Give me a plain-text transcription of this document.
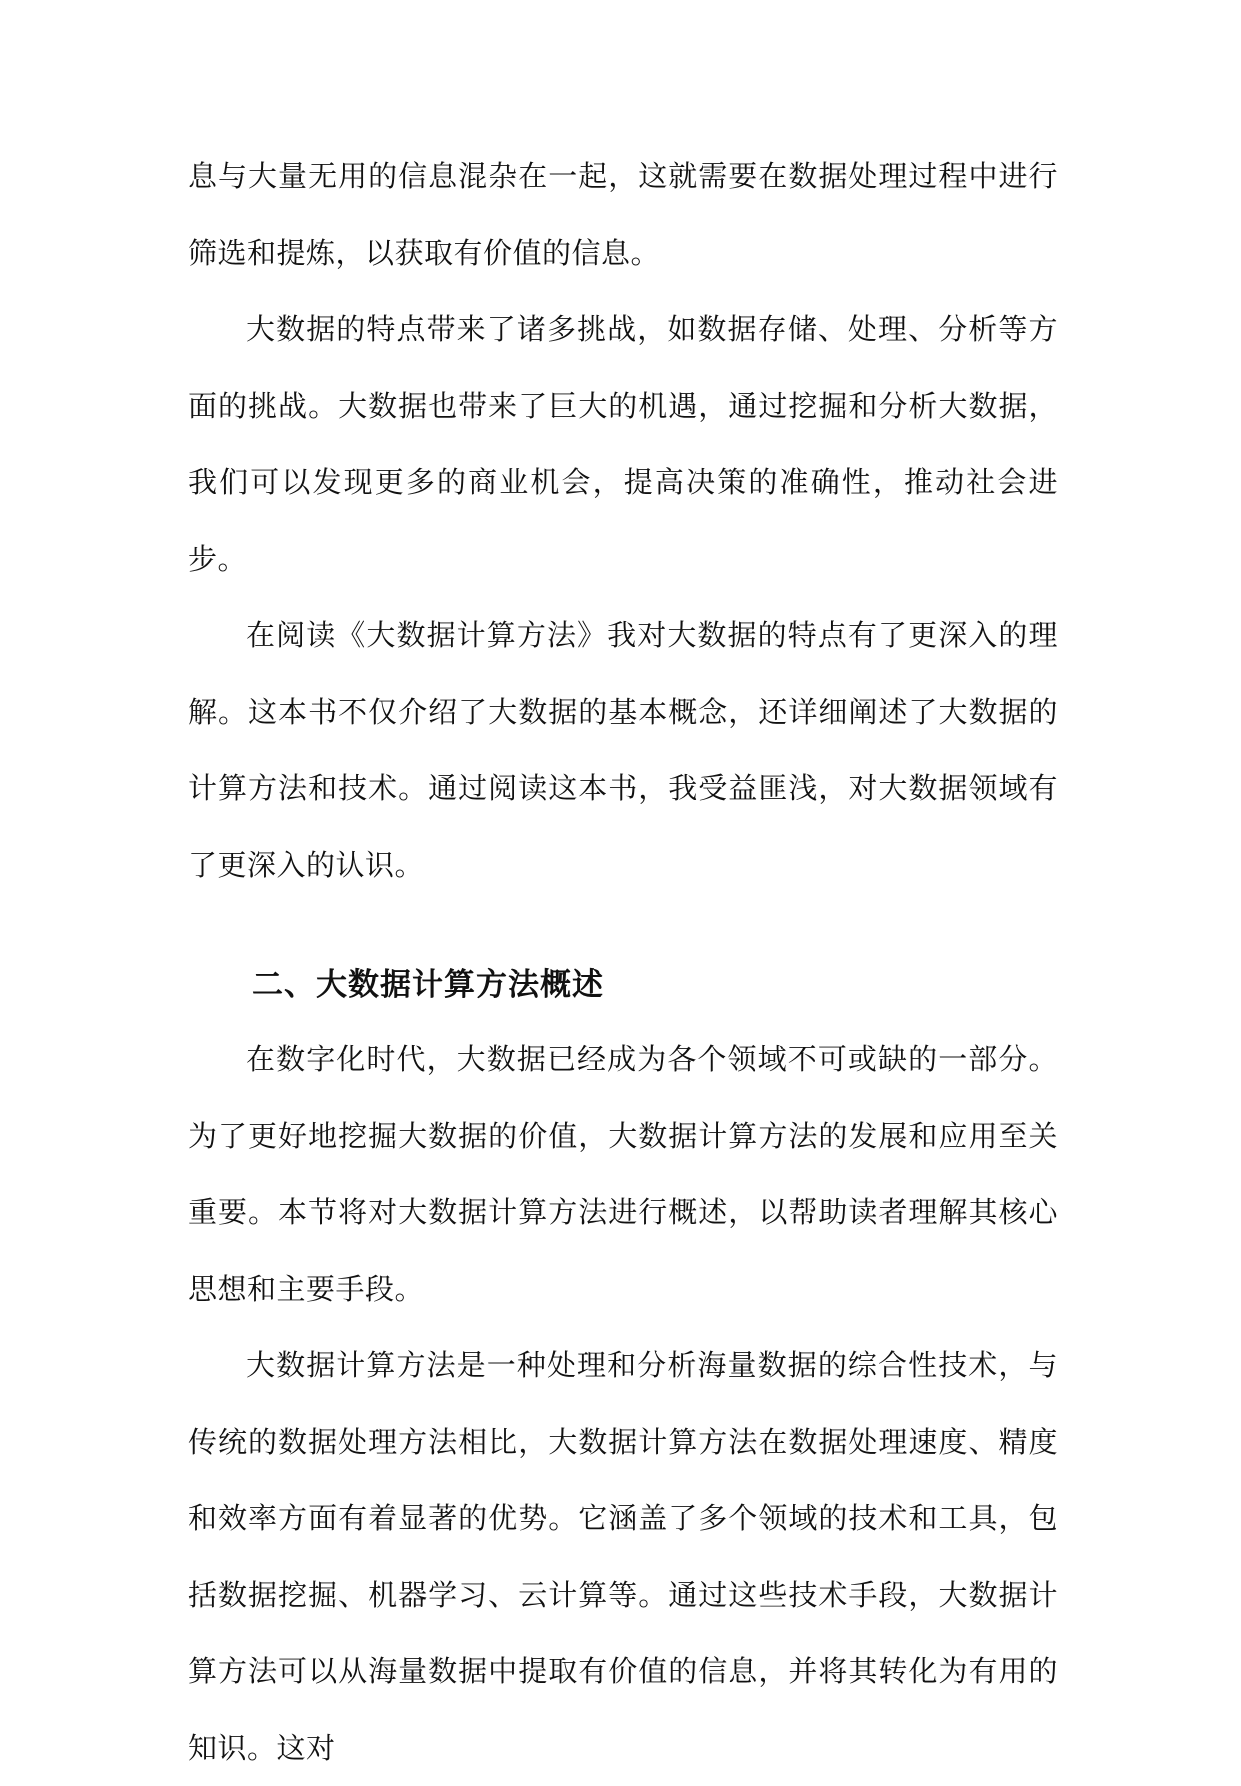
息与大量无用的信息混杂在一起，这就需要在数据处理过程中进行筛选和提炼，以获取有价值的信息。

大数据的特点带来了诸多挑战，如数据存储、处理、分析等方面的挑战。大数据也带来了巨大的机遇，通过挖掘和分析大数据，我们可以发现更多的商业机会，提高决策的准确性，推动社会进步。

在阅读《大数据计算方法》我对大数据的特点有了更深入的理解。这本书不仅介绍了大数据的基本概念，还详细阐述了大数据的计算方法和技术。通过阅读这本书，我受益匪浅，对大数据领域有了更深入的认识。

二、大数据计算方法概述

在数字化时代，大数据已经成为各个领域不可或缺的一部分。为了更好地挖掘大数据的价值，大数据计算方法的发展和应用至关重要。本节将对大数据计算方法进行概述，以帮助读者理解其核心思想和主要手段。

大数据计算方法是一种处理和分析海量数据的综合性技术，与传统的数据处理方法相比，大数据计算方法在数据处理速度、精度和效率方面有着显著的优势。它涵盖了多个领域的技术和工具，包括数据挖掘、机器学习、云计算等。通过这些技术手段，大数据计算方法可以从海量数据中提取有价值的信息，并将其转化为有用的知识。这对
